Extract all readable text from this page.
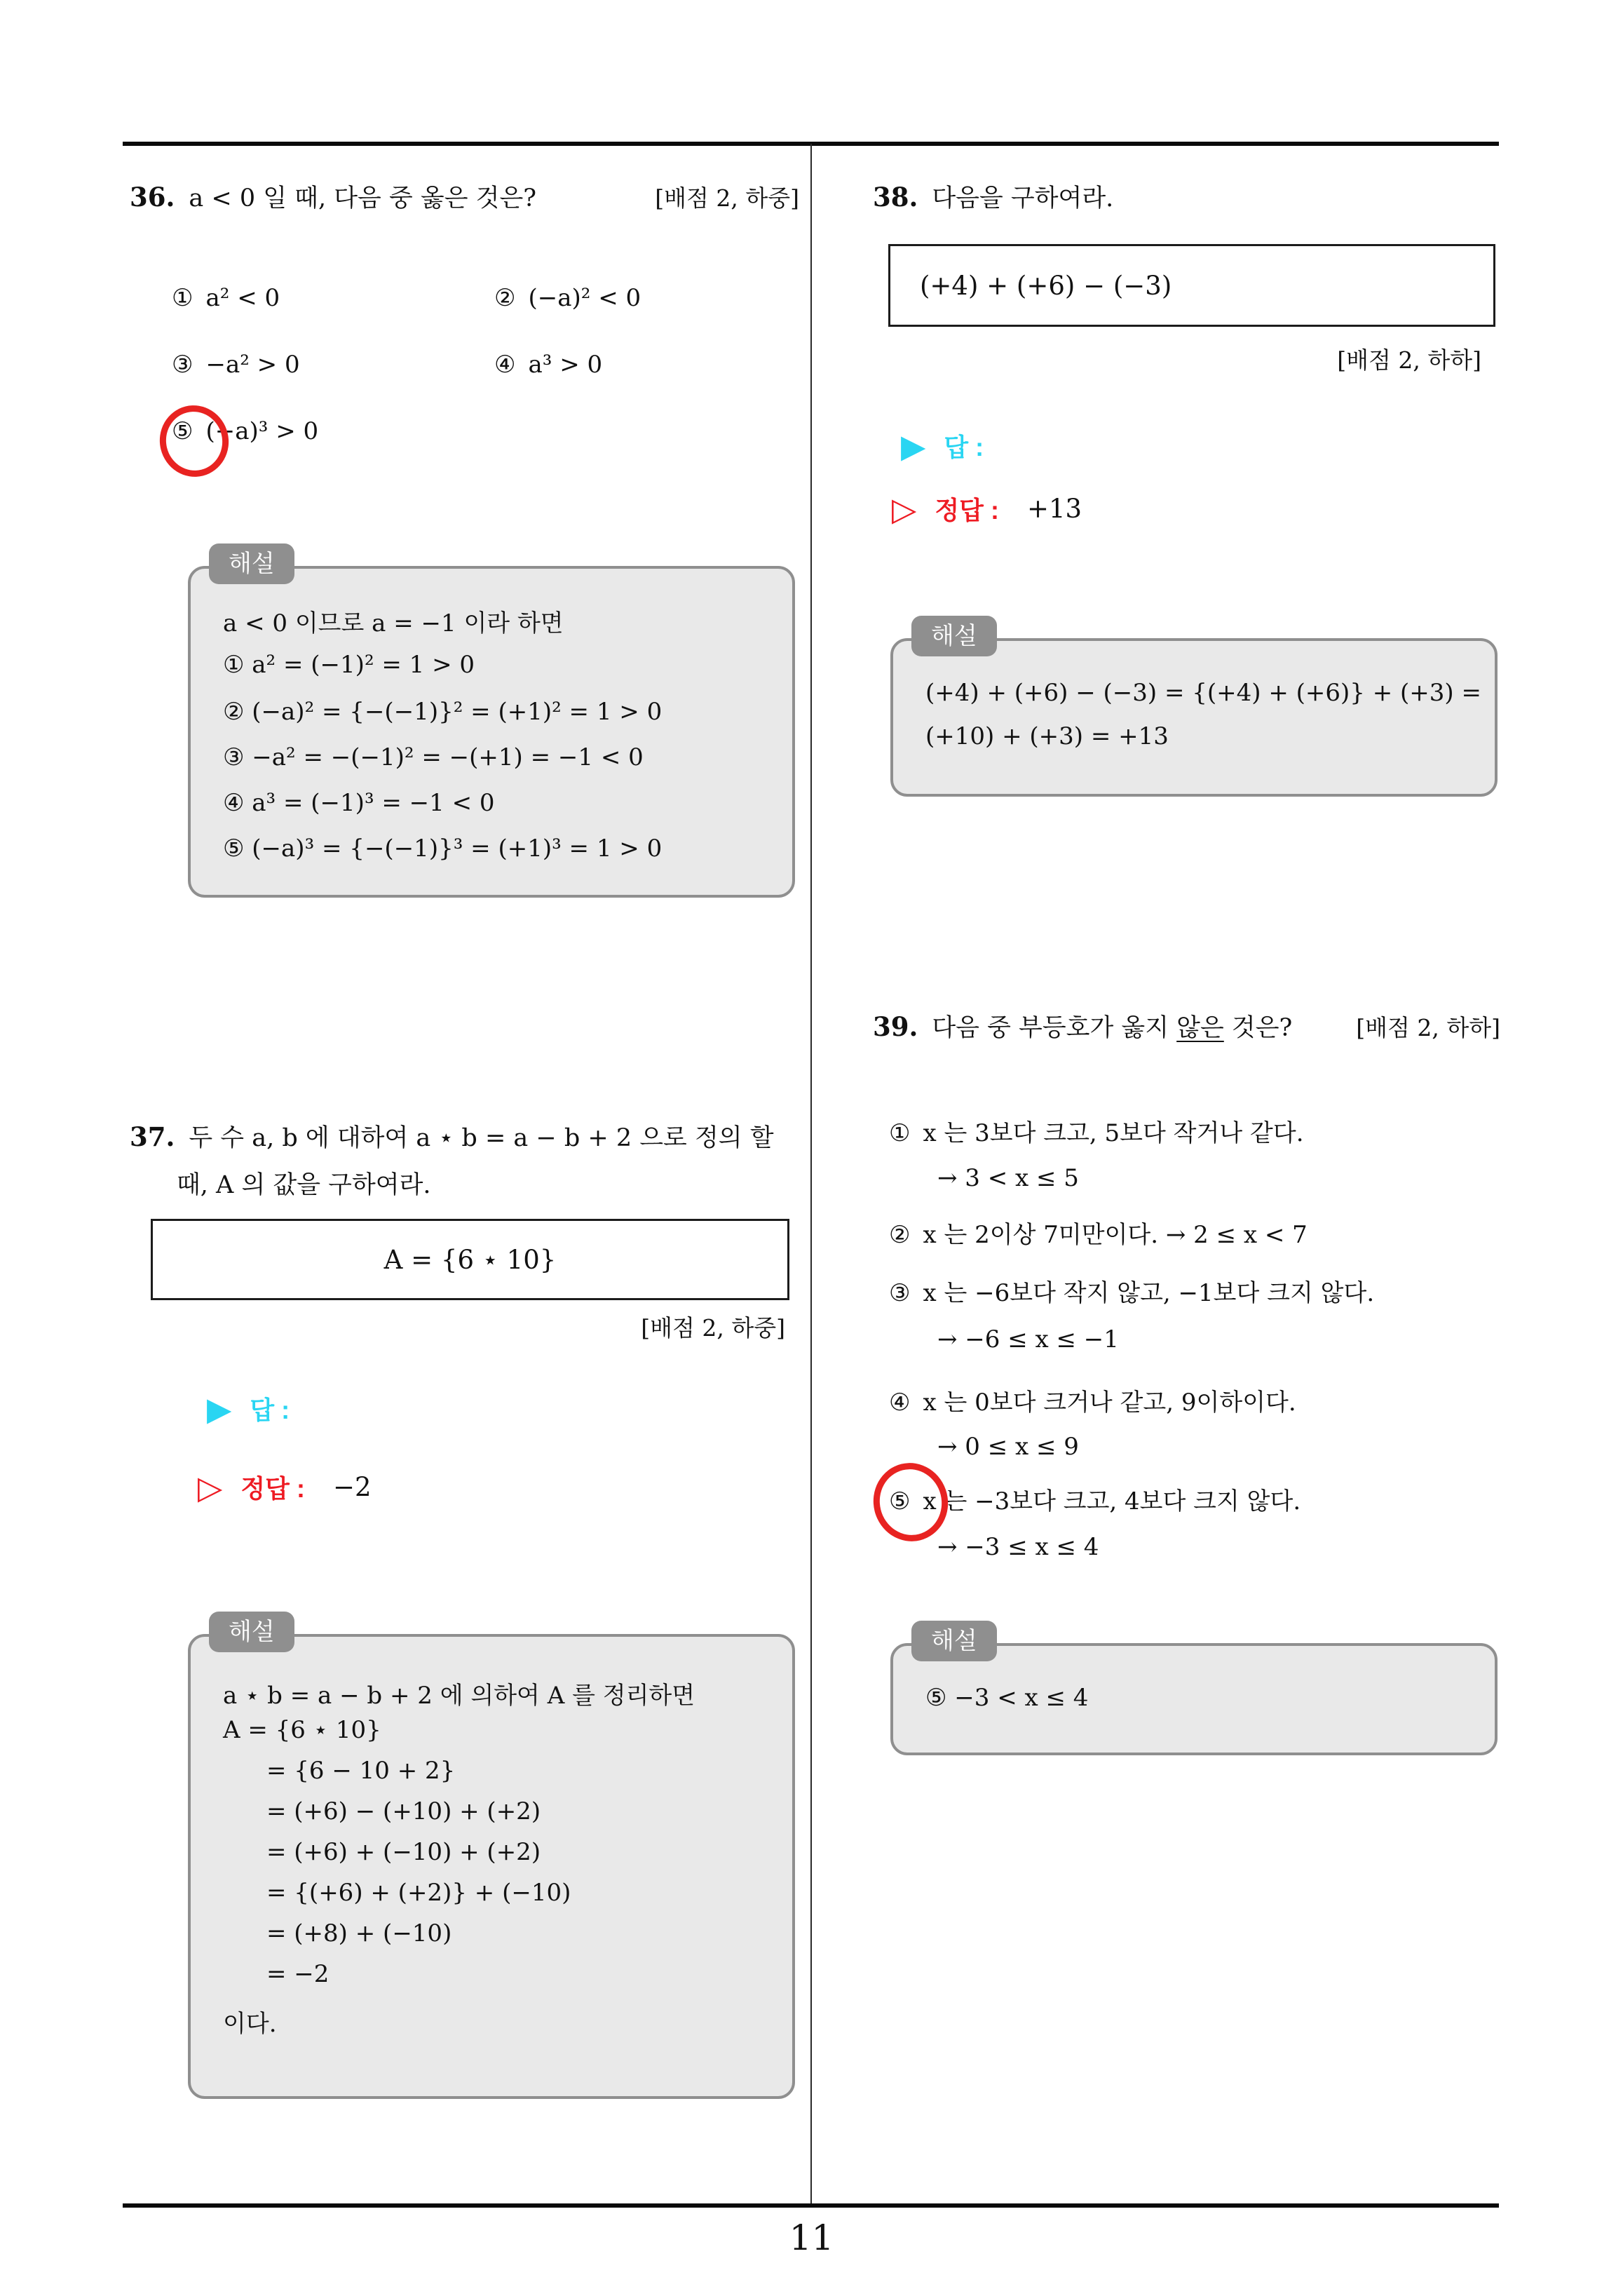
11
36. a < 0 일 때, 다음 중 옳은 것은?	[배점 2, 하중]
① a² < 0	② (−a)² < 0
③ −a² > 0	④ a³ > 0
⑤ (−a)³ > 0
해설
a < 0 이므로 a = −1 이라 하면
① a² = (−1)² = 1 > 0
② (−a)² = {−(−1)}² = (+1)² = 1 > 0
③ −a² = −(−1)² = −(+1) = −1 < 0
④ a³ = (−1)³ = −1 < 0
⑤ (−a)³ = {−(−1)}³ = (+1)³ = 1 > 0
37. 두 수 a, b 에 대하여 a ⋆ b = a − b + 2 으로 정의 할
때, A 의 값을 구하여라.
A = {6 ⋆ 10}
[배점 2, 하중]
▶ 답 :
▷ 정답 : −2
해설
a ⋆ b = a − b + 2 에 의하여 A 를 정리하면
A = {6 ⋆ 10}
= {6 − 10 + 2}
= (+6) − (+10) + (+2)
= (+6) + (−10) + (+2)
= {(+6) + (+2)} + (−10)
= (+8) + (−10)
= −2
이다.
38. 다음을 구하여라.
(+4) + (+6) − (−3)
[배점 2, 하하]
▶ 답 :
▷ 정답 : +13
해설
(+4) + (+6) − (−3) = {(+4) + (+6)} + (+3) =
(+10) + (+3) = +13
39. 다음 중 부등호가 옳지 않은 것은?	[배점 2, 하하]
① x 는 3보다 크고, 5보다 작거나 같다.
→ 3 < x ≤ 5
② x 는 2이상 7미만이다. → 2 ≤ x < 7
③ x 는 −6보다 작지 않고, −1보다 크지 않다.
→ −6 ≤ x ≤ −1
④ x 는 0보다 크거나 같고, 9이하이다.
→ 0 ≤ x ≤ 9
⑤ x 는 −3보다 크고, 4보다 크지 않다.
→ −3 ≤ x ≤ 4
해설
⑤ −3 < x ≤ 4
